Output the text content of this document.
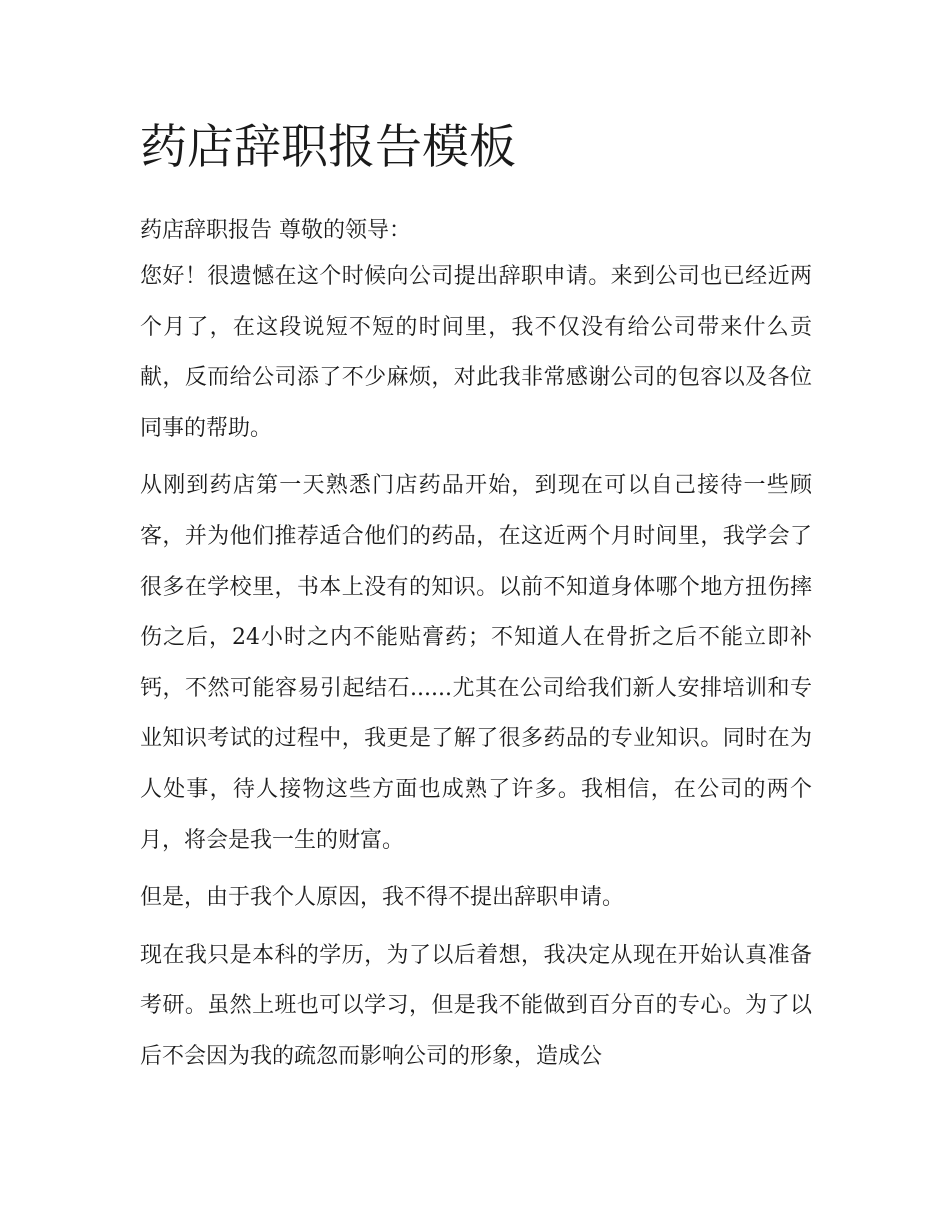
药店辞职报告模板

药店辞职报告 尊敬的领导：

您好！很遗憾在这个时候向公司提出辞职申请。来到公司也已经近两个月了，在这段说短不短的时间里，我不仅没有给公司带来什么贡献，反而给公司添了不少麻烦，对此我非常感谢公司的包容以及各位同事的帮助。

从刚到药店第一天熟悉门店药品开始，到现在可以自己接待一些顾客，并为他们推荐适合他们的药品，在这近两个月时间里，我学会了很多在学校里，书本上没有的知识。以前不知道身体哪个地方扭伤摔伤之后，24小时之内不能贴膏药；不知道人在骨折之后不能立即补钙，不然可能容易引起结石......尤其在公司给我们新人安排培训和专业知识考试的过程中，我更是了解了很多药品的专业知识。同时在为人处事，待人接物这些方面也成熟了许多。我相信，在公司的两个月，将会是我一生的财富。

但是，由于我个人原因，我不得不提出辞职申请。

现在我只是本科的学历，为了以后着想，我决定从现在开始认真准备考研。虽然上班也可以学习，但是我不能做到百分百的专心。为了以后不会因为我的疏忽而影响公司的形象，造成公
